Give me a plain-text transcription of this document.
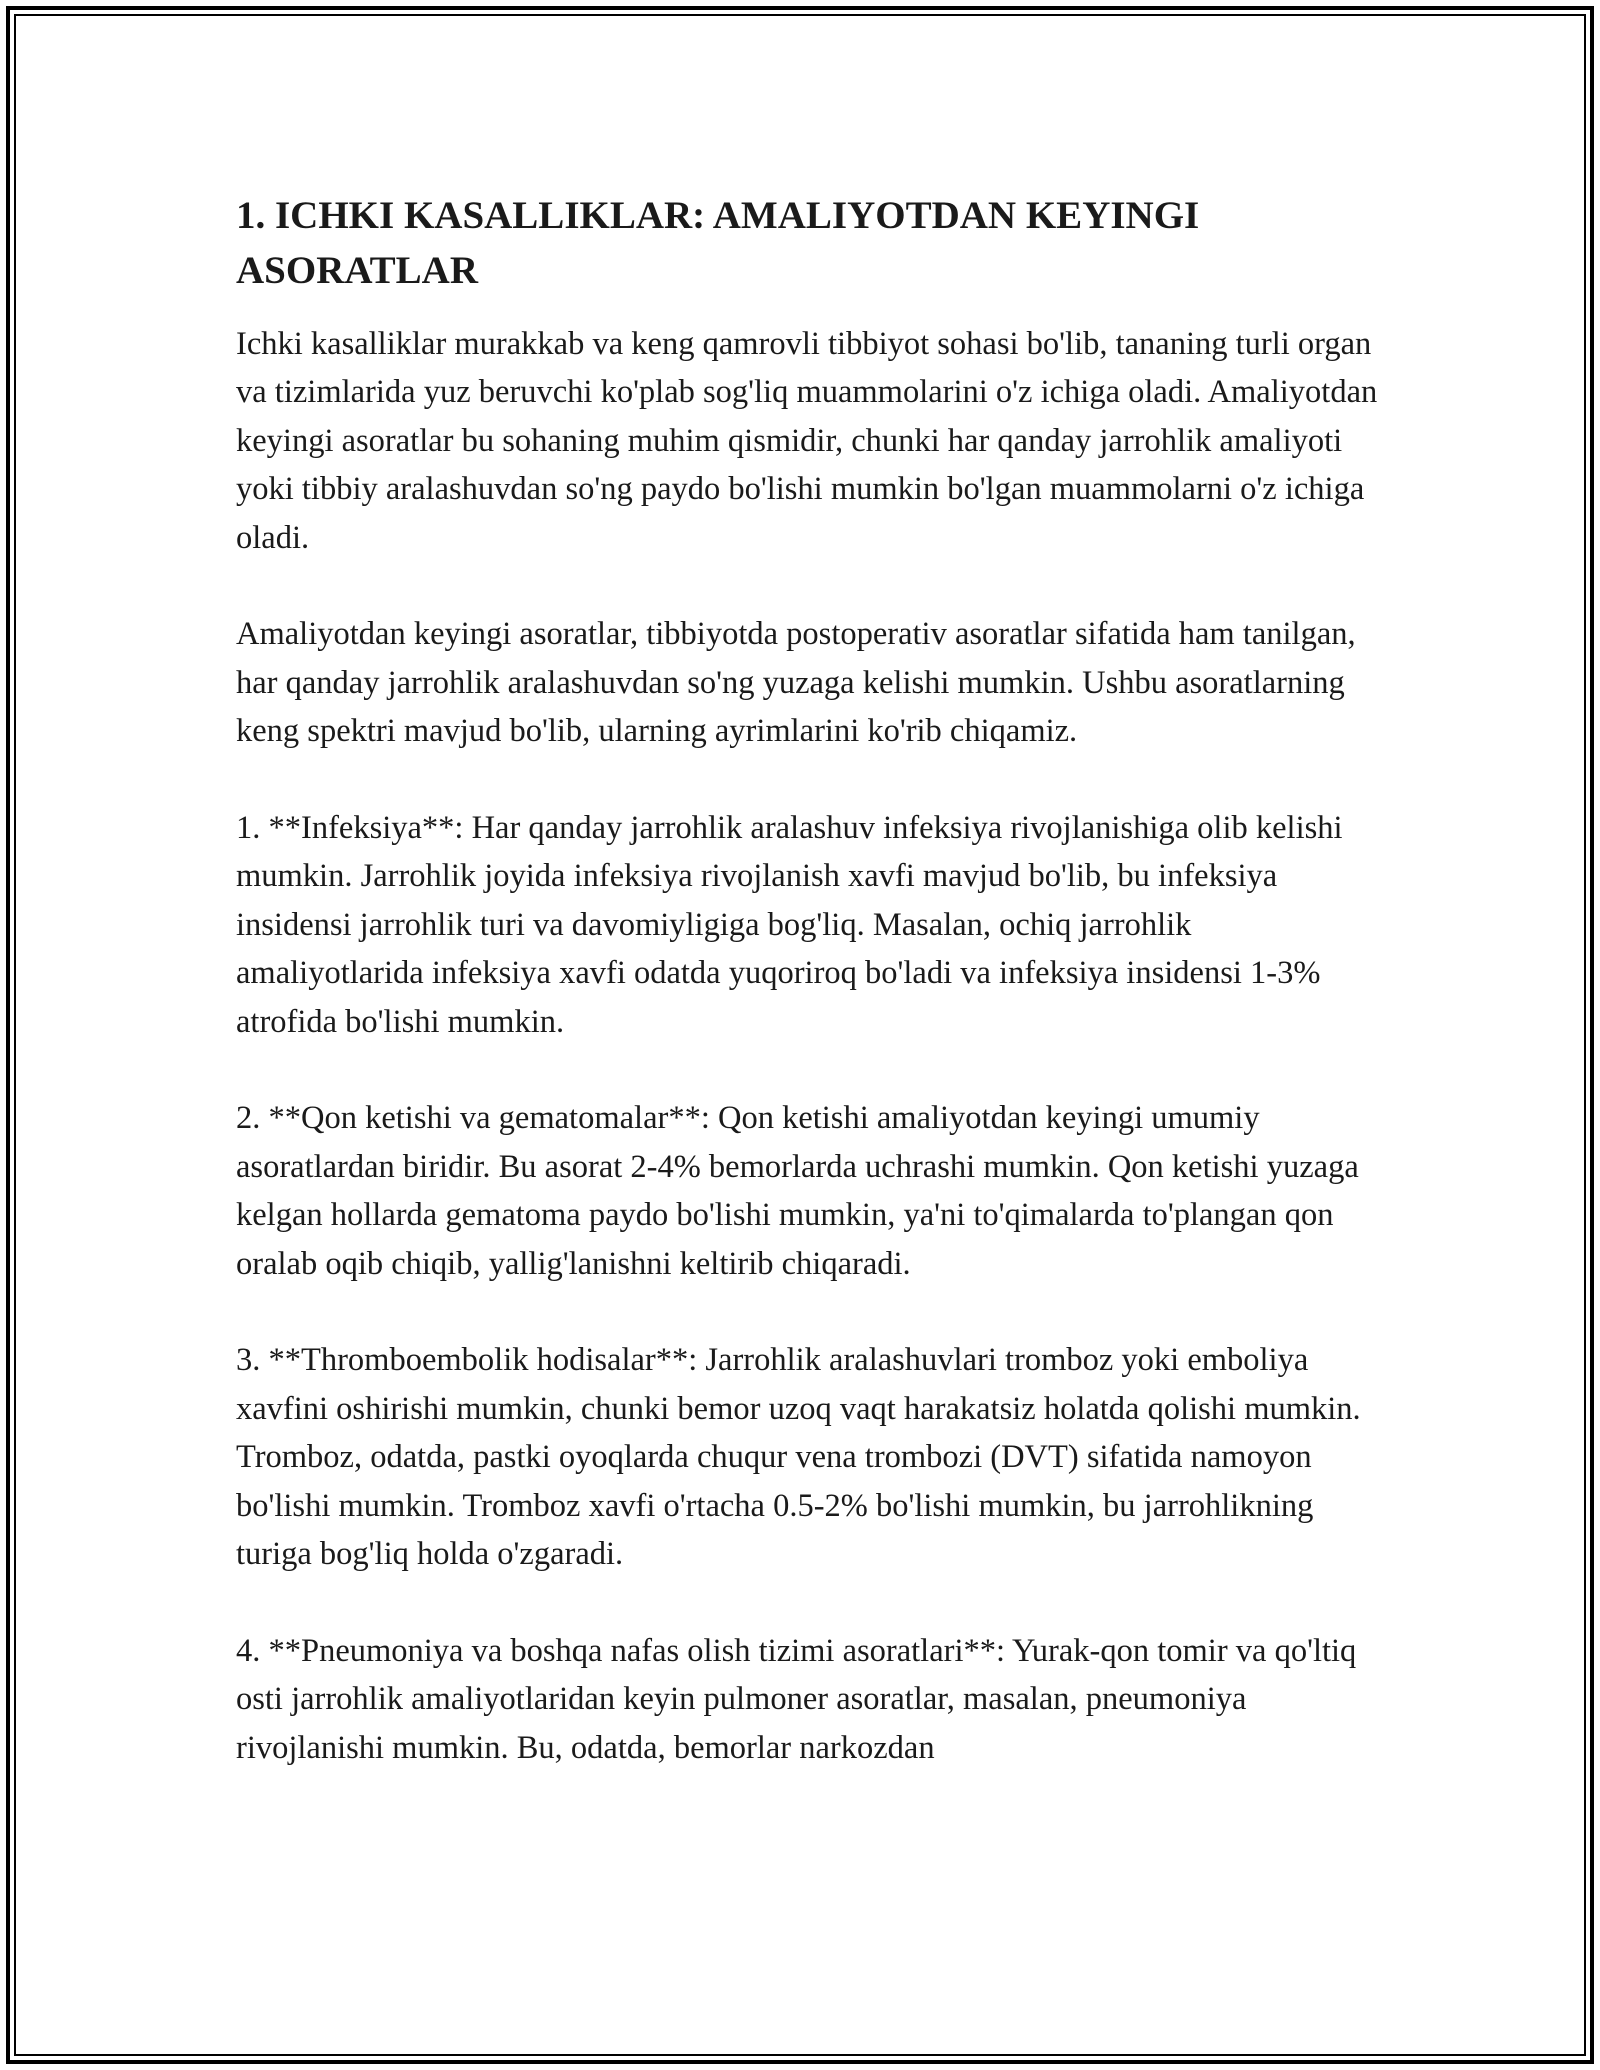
1. ICHKI KASALLIKLAR: AMALIYOTDAN KEYINGI ASORATLAR

Ichki kasalliklar murakkab va keng qamrovli tibbiyot sohasi bo'lib, tananing turli organ va tizimlarida yuz beruvchi ko'plab sog'liq muammolarini o'z ichiga oladi. Amaliyotdan keyingi asoratlar bu sohaning muhim qismidir, chunki har qanday jarrohlik amaliyoti yoki tibbiy aralashuvdan so'ng paydo bo'lishi mumkin bo'lgan muammolarni o'z ichiga oladi.

Amaliyotdan keyingi asoratlar, tibbiyotda postoperativ asoratlar sifatida ham tanilgan, har qanday jarrohlik aralashuvdan so'ng yuzaga kelishi mumkin. Ushbu asoratlarning keng spektri mavjud bo'lib, ularning ayrimlarini ko'rib chiqamiz.

1. **Infeksiya**: Har qanday jarrohlik aralashuv infeksiya rivojlanishiga olib kelishi mumkin. Jarrohlik joyida infeksiya rivojlanish xavfi mavjud bo'lib, bu infeksiya insidensi jarrohlik turi va davomiyligiga bog'liq. Masalan, ochiq jarrohlik amaliyotlarida infeksiya xavfi odatda yuqoriroq bo'ladi va infeksiya insidensi 1-3% atrofida bo'lishi mumkin.

2. **Qon ketishi va gematomalar**: Qon ketishi amaliyotdan keyingi umumiy asoratlardan biridir. Bu asorat 2-4% bemorlarda uchrashi mumkin. Qon ketishi yuzaga kelgan hollarda gematoma paydo bo'lishi mumkin, ya'ni to'qimalarda to'plangan qon oralab oqib chiqib, yallig'lanishni keltirib chiqaradi.

3. **Thromboembolik hodisalar**: Jarrohlik aralashuvlari tromboz yoki emboliya xavfini oshirishi mumkin, chunki bemor uzoq vaqt harakatsiz holatda qolishi mumkin. Tromboz, odatda, pastki oyoqlarda chuqur vena trombozi (DVT) sifatida namoyon bo'lishi mumkin. Tromboz xavfi o'rtacha 0.5-2% bo'lishi mumkin, bu jarrohlikning turiga bog'liq holda o'zgaradi.

4. **Pneumoniya va boshqa nafas olish tizimi asoratlari**: Yurak-qon tomir va qo'ltiq osti jarrohlik amaliyotlaridan keyin pulmoner asoratlar, masalan, pneumoniya rivojlanishi mumkin. Bu, odatda, bemorlar narkozdan
